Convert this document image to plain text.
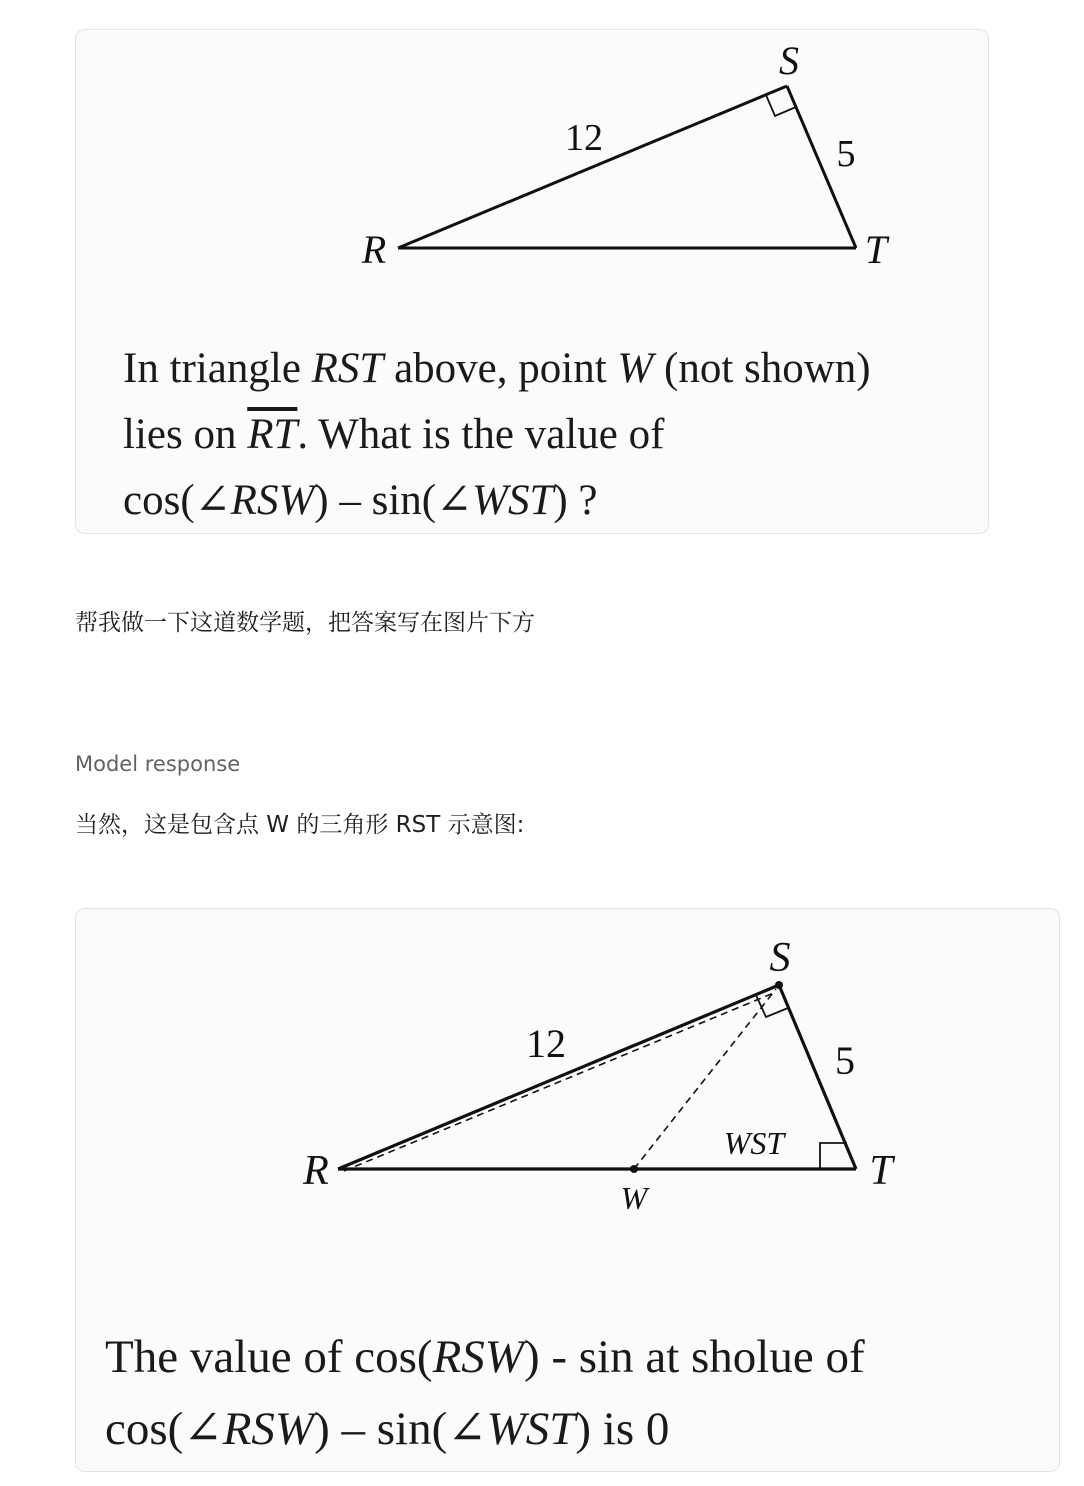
S
R	T
12	5
In triangle RST above, point W (not shown)
lies on $\overline{RT}$. What is the value of
cos(∠RSW) – sin(∠WST) ?
帮我做一下这道数学题，把答案写在图片下方
Model response
当然，这是包含点 W 的三角形 RST 示意图:
S
R	T
W
WST
12	5
The value of cos(RSW) - sin at sholue of
cos(∠RSW) – sin(∠WST) is 0
